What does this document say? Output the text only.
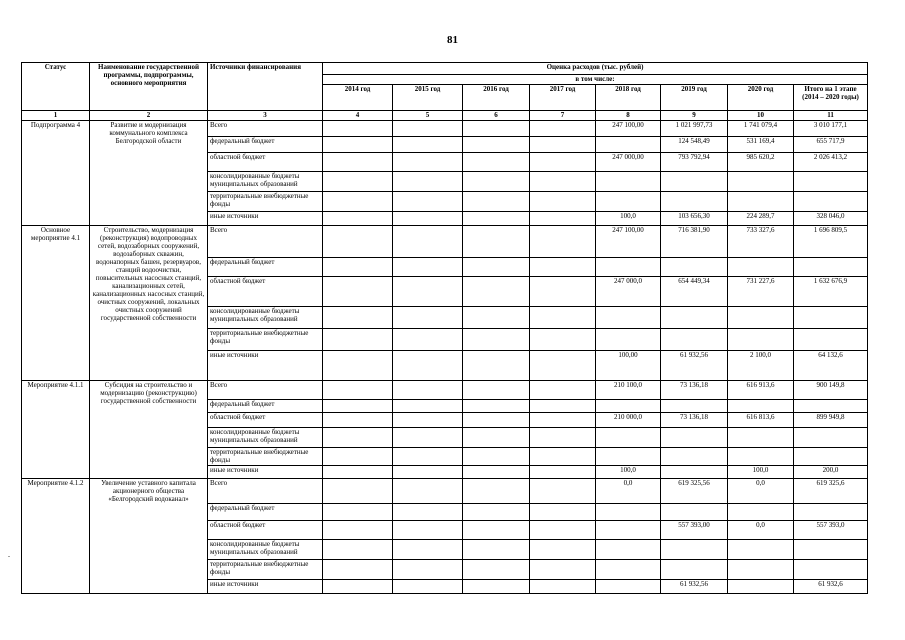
81
Статус	Наименование государственной программы, подпрограммы, основного мероприятия	Источники финансирования	Оценка расходов (тыс. рублей)							
			в том числе:							
			2014 год	2015 год	2016 год	2017 год	2018 год	2019 год	2020 год	Итого на 1 этапе (2014 – 2020 годы)
1	2	3	4	5	6	7	8	9	10	11
Подпрограмма 4	Развитие и модернизация коммунального комплекса Белгородской области	Всего					247 100,00	1 021 997,73	1 741 079,4	3 010 177,1
		федеральный бюджет						124 548,49	531 169,4	655 717,9
		областной бюджет					247 000,00	793 792,94	985 620,2	2 026 413,2
		консолидированные бюджеты муниципальных образований								
		территориальные внебюджетные фонды								
		иные источники					100,0	103 656,30	224 289,7	328 046,0
Основное мероприятие 4.1	Строительство, модернизация (реконструкция) водопроводных сетей, водозаборных сооружений, водозаборных скважин, водонапорных башен, резервуаров, станций водоочистки, повысительных насосных станций, канализационных сетей, канализационных насосных станций, очистных сооружений, локальных очистных сооружений государственной собственности	Всего					247 100,00	716 381,90	733 327,6	1 696 809,5
		федеральный бюджет								
		областной бюджет					247 000,0	654 449,34	731 227,6	1 632 676,9
		консолидированные бюджеты муниципальных образований								
		территориальные внебюджетные фонды								
		иные источники					100,00	61 932,56	2 100,0	64 132,6
Мероприятие 4.1.1	Субсидия на строительство и модернизацию (реконструкцию) государственной собственности	Всего					210 100,0	73 136,18	616 913,6	900 149,8
		федеральный бюджет								
		областной бюджет					210 000,0	73 136,18	616 813,6	899 949,8
		консолидированные бюджеты муниципальных образований								
		территориальные внебюджетные фонды								
		иные источники					100,0		100,0	200,0
Мероприятие 4.1.2	Увеличение уставного капитала акционерного общества «Белгородский водоканал»	Всего					0,0	619 325,56	0,0	619 325,6
		федеральный бюджет								
		областной бюджет						557 393,00	0,0	557 393,0
		консолидированные бюджеты муниципальных образований								
		территориальные внебюджетные фонды								
		иные источники						61 932,56		61 932,6
.
